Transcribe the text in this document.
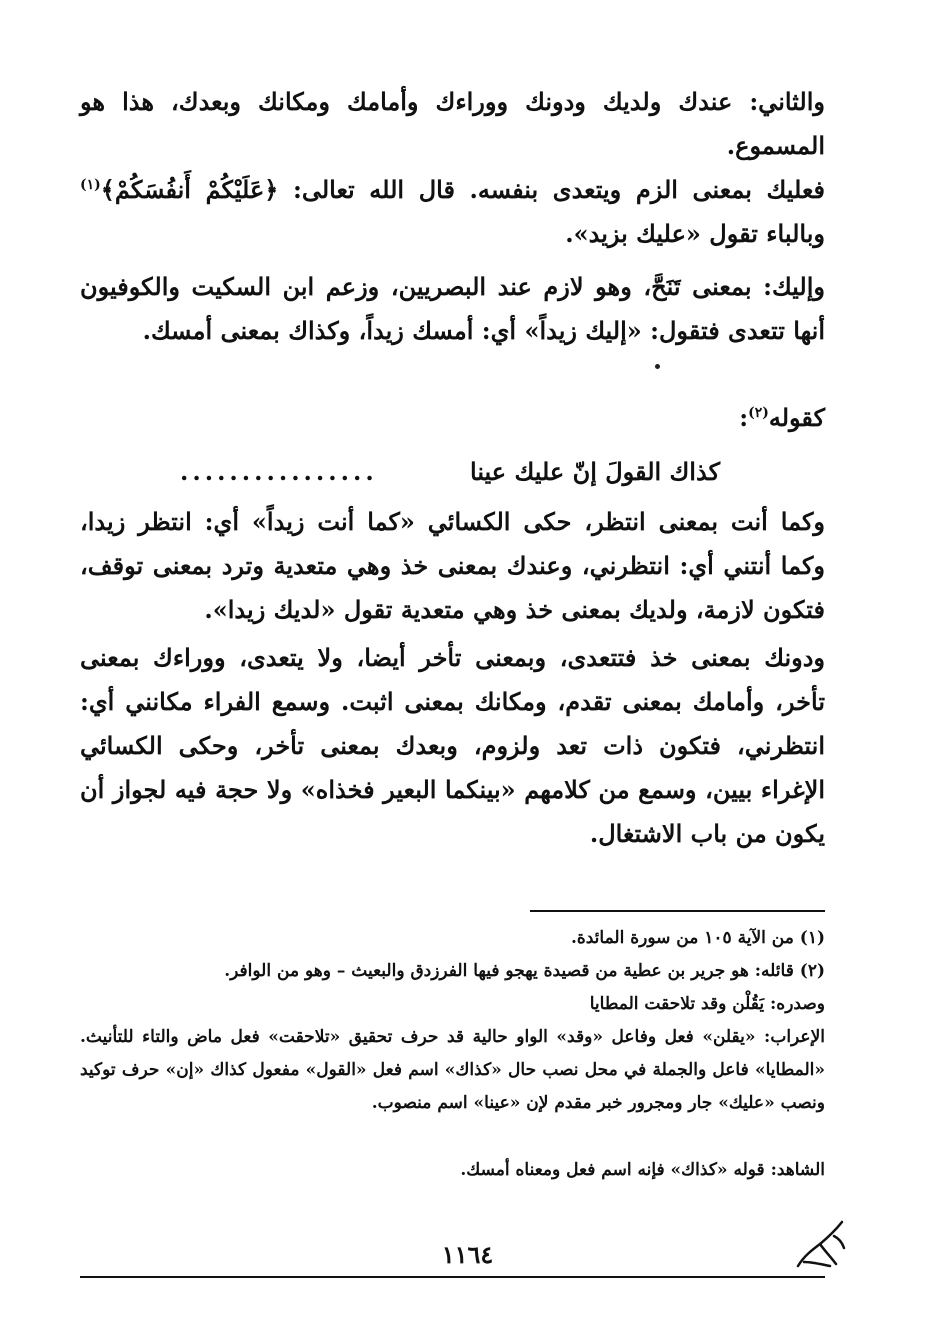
والثاني: عندك ولديك ودونك ووراءك وأمامك ومكانك وبعدك، هذا هو المسموع.

فعليك بمعنى الزم ويتعدى بنفسه. قال الله تعالى: ﴿عَلَيْكُمْ أَنفُسَكُمْ﴾$^{(١)}$ وبالباء تقول «عليك بزيد».

وإليك: بمعنى تَنَحَّ، وهو لازم عند البصريين، وزعم ابن السكيت والكوفيون أنها تتعدى فتقول: «إليك زيداً» أي: أمسك زيداً، وكذاك بمعنى أمسك.

كقوله$^{(٢)}$:

كذاك القولَ إنّ عليك عينا
................

وكما أنت بمعنى انتظر، حكى الكسائي «كما أنت زيداً» أي: انتظر زيدا، وكما أنتني أي: انتظرني، وعندك بمعنى خذ وهي متعدية وترد بمعنى توقف، فتكون لازمة، ولديك بمعنى خذ وهي متعدية تقول «لديك زيدا».

ودونك بمعنى خذ فتتعدى، وبمعنى تأخر أيضا، ولا يتعدى، ووراءك بمعنى تأخر، وأمامك بمعنى تقدم، ومكانك بمعنى اثبت. وسمع الفراء مكانني أي: انتظرني، فتكون ذات تعد ولزوم، وبعدك بمعنى تأخر، وحكى الكسائي الإغراء بيين، وسمع من كلامهم «بينكما البعير فخذاه» ولا حجة فيه لجواز أن يكون من باب الاشتغال.

(١) من الآية ١٠٥ من سورة المائدة.

(٢) قائله: هو جرير بن عطية من قصيدة يهجو فيها الفرزدق والبعيث – وهو من الوافر.

وصدره: يَقُلْن وقد تلاحقت المطايا

الإعراب: «يقلن» فعل وفاعل «وقد» الواو حالية قد حرف تحقيق «تلاحقت» فعل ماض والتاء للتأنيث. «المطايا» فاعل والجملة في محل نصب حال «كذاك» اسم فعل «القول» مفعول كذاك «إن» حرف توكيد ونصب «عليك» جار ومجرور خبر مقدم لإن «عينا» اسم منصوب.

الشاهد: قوله «كذاك» فإنه اسم فعل ومعناه أمسك.

١١٦٤
